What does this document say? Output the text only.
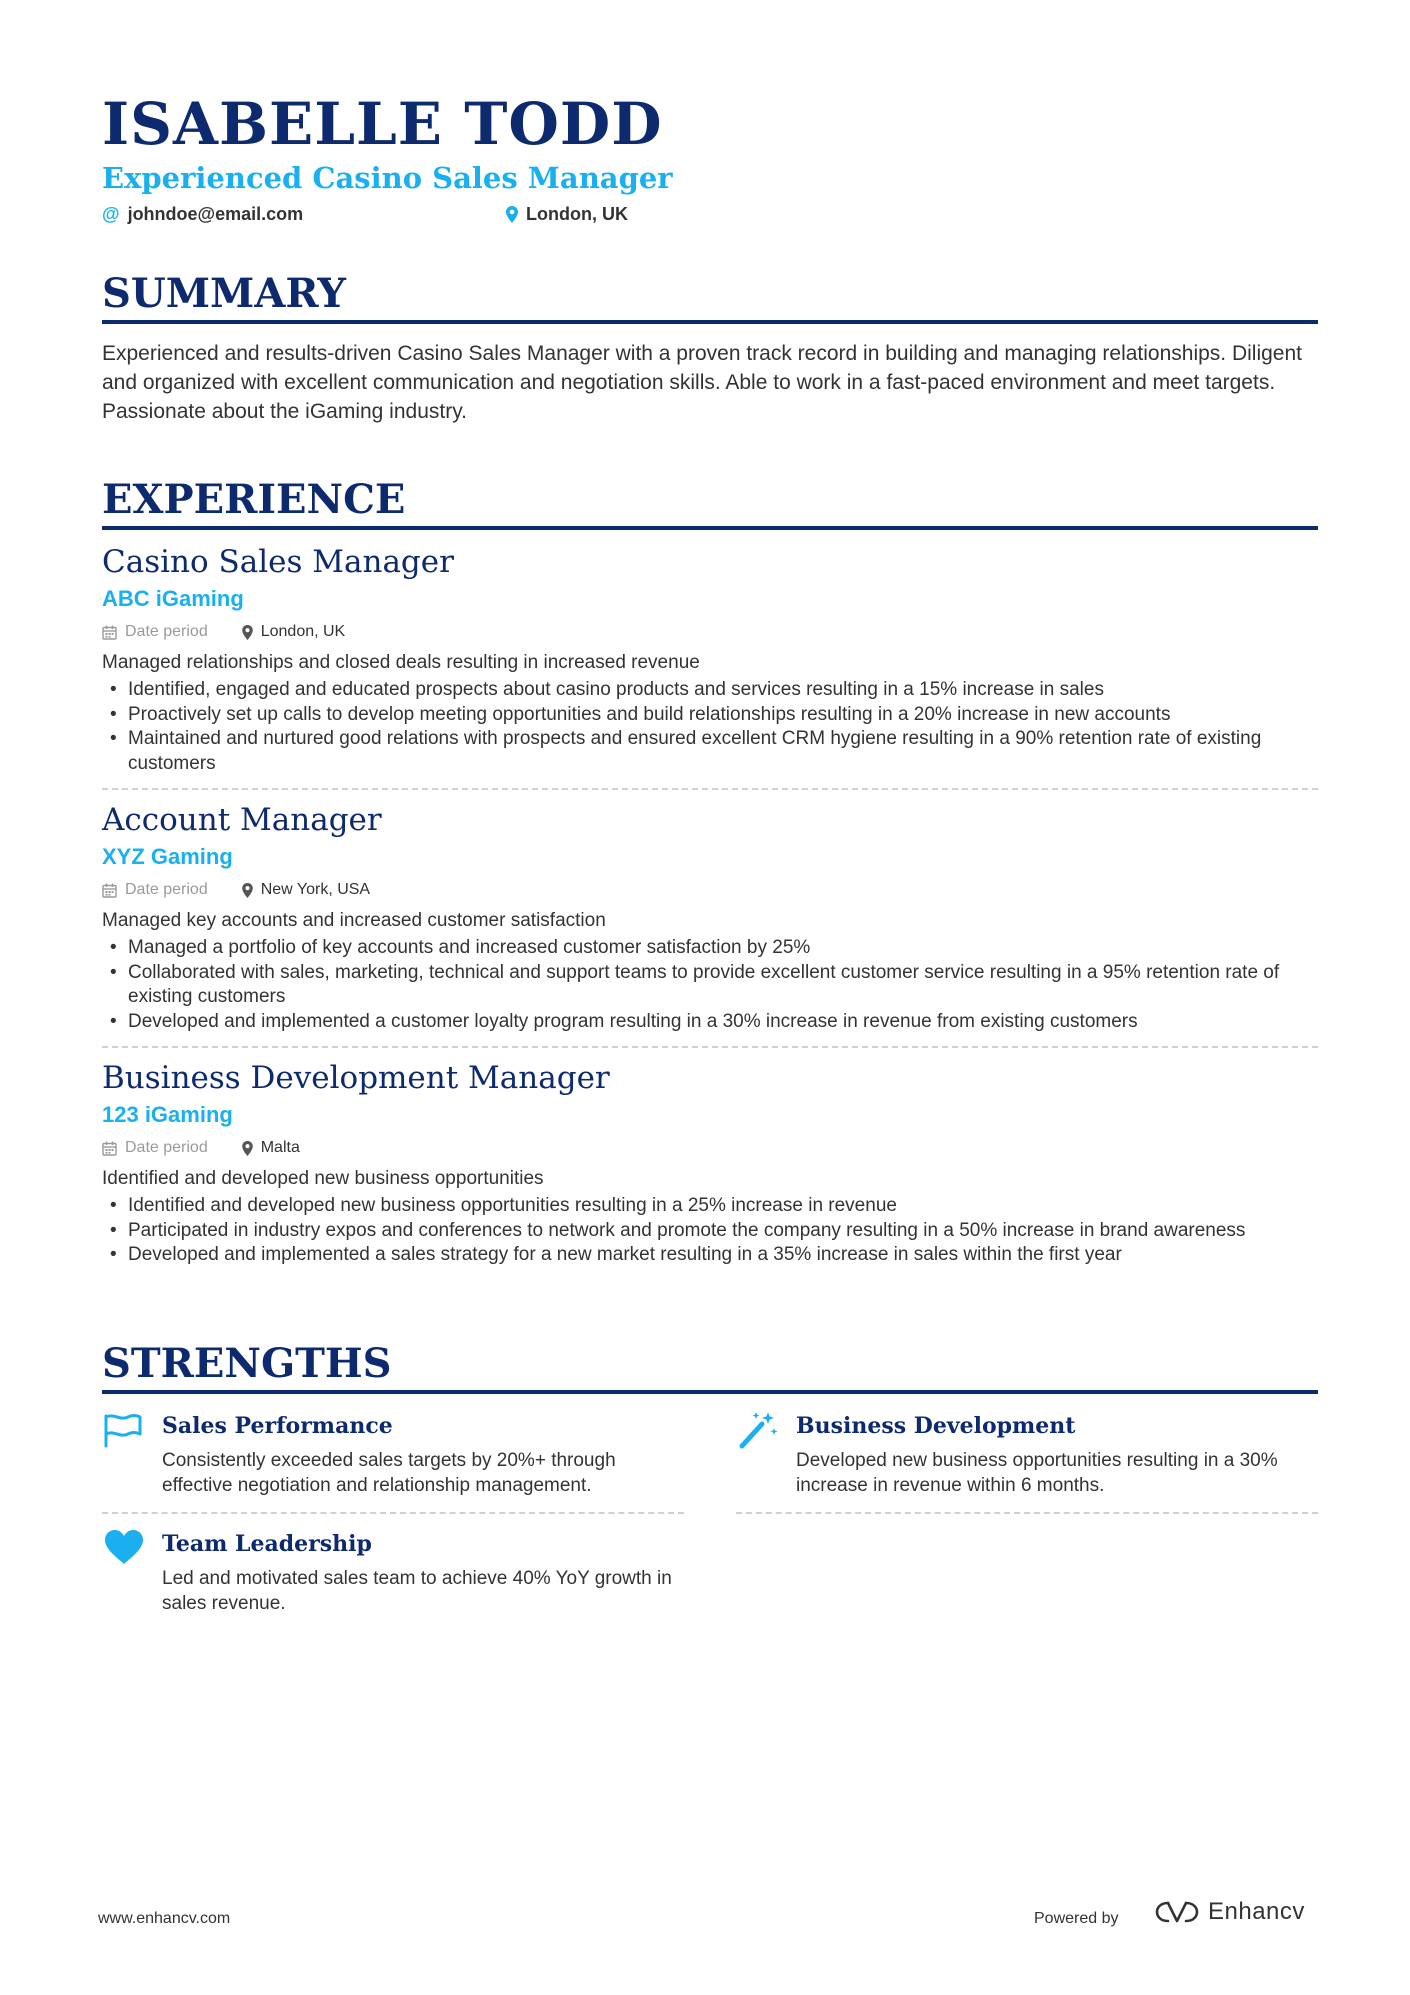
ISABELLE TODD
Experienced Casino Sales Manager
@ johndoe@email.com	London, UK
SUMMARY
Experienced and results-driven Casino Sales Manager with a proven track record in building and managing relationships. Diligent and organized with excellent communication and negotiation skills. Able to work in a fast-paced environment and meet targets. Passionate about the iGaming industry.
EXPERIENCE
Casino Sales Manager
ABC iGaming
Date period	London, UK
Managed relationships and closed deals resulting in increased revenue
• Identified, engaged and educated prospects about casino products and services resulting in a 15% increase in sales
• Proactively set up calls to develop meeting opportunities and build relationships resulting in a 20% increase in new accounts
• Maintained and nurtured good relations with prospects and ensured excellent CRM hygiene resulting in a 90% retention rate of existing customers
Account Manager
XYZ Gaming
Date period	New York, USA
Managed key accounts and increased customer satisfaction
• Managed a portfolio of key accounts and increased customer satisfaction by 25%
• Collaborated with sales, marketing, technical and support teams to provide excellent customer service resulting in a 95% retention rate of existing customers
• Developed and implemented a customer loyalty program resulting in a 30% increase in revenue from existing customers
Business Development Manager
123 iGaming
Date period	Malta
Identified and developed new business opportunities
• Identified and developed new business opportunities resulting in a 25% increase in revenue
• Participated in industry expos and conferences to network and promote the company resulting in a 50% increase in brand awareness
• Developed and implemented a sales strategy for a new market resulting in a 35% increase in sales within the first year
STRENGTHS
Sales Performance
Consistently exceeded sales targets by 20%+ through effective negotiation and relationship management.
Business Development
Developed new business opportunities resulting in a 30% increase in revenue within 6 months.
Team Leadership
Led and motivated sales team to achieve 40% YoY growth in sales revenue.
www.enhancv.com	Powered by	Enhancv
